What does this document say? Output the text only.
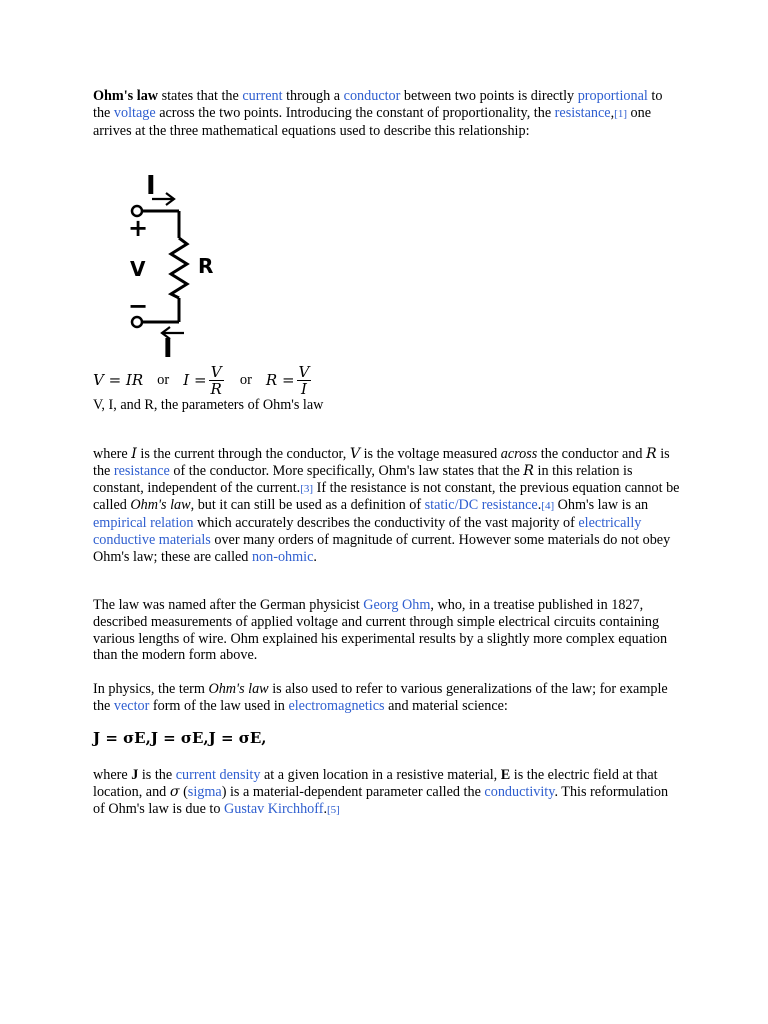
Ohm's law states that the current through a conductor between two points is directly proportional to the voltage across the two points. Introducing the constant of proportionality, the resistance,[1] one arrives at the three mathematical equations used to describe this relationship:

I
+
V	R
−
I
V = IR or $I = \frac{V}{R}$ or $R = \frac{V}{I}$
V, I, and R, the parameters of Ohm's law

where I is the current through the conductor, V is the voltage measured across the conductor and R is the resistance of the conductor. More specifically, Ohm's law states that the R in this relation is constant, independent of the current.[3] If the resistance is not constant, the previous equation cannot be called Ohm's law, but it can still be used as a definition of static/DC resistance.[4] Ohm's law is an empirical relation which accurately describes the conductivity of the vast majority of electrically conductive materials over many orders of magnitude of current. However some materials do not obey Ohm's law; these are called non-ohmic.

The law was named after the German physicist Georg Ohm, who, in a treatise published in 1827, described measurements of applied voltage and current through simple electrical circuits containing various lengths of wire. Ohm explained his experimental results by a slightly more complex equation than the modern form above.

In physics, the term Ohm's law is also used to refer to various generalizations of the law; for example the vector form of the law used in electromagnetics and material science:

J = σE,J = σE,J = σE,

where J is the current density at a given location in a resistive material, E is the electric field at that location, and σ (sigma) is a material-dependent parameter called the conductivity. This reformulation of Ohm's law is due to Gustav Kirchhoff.[5]
